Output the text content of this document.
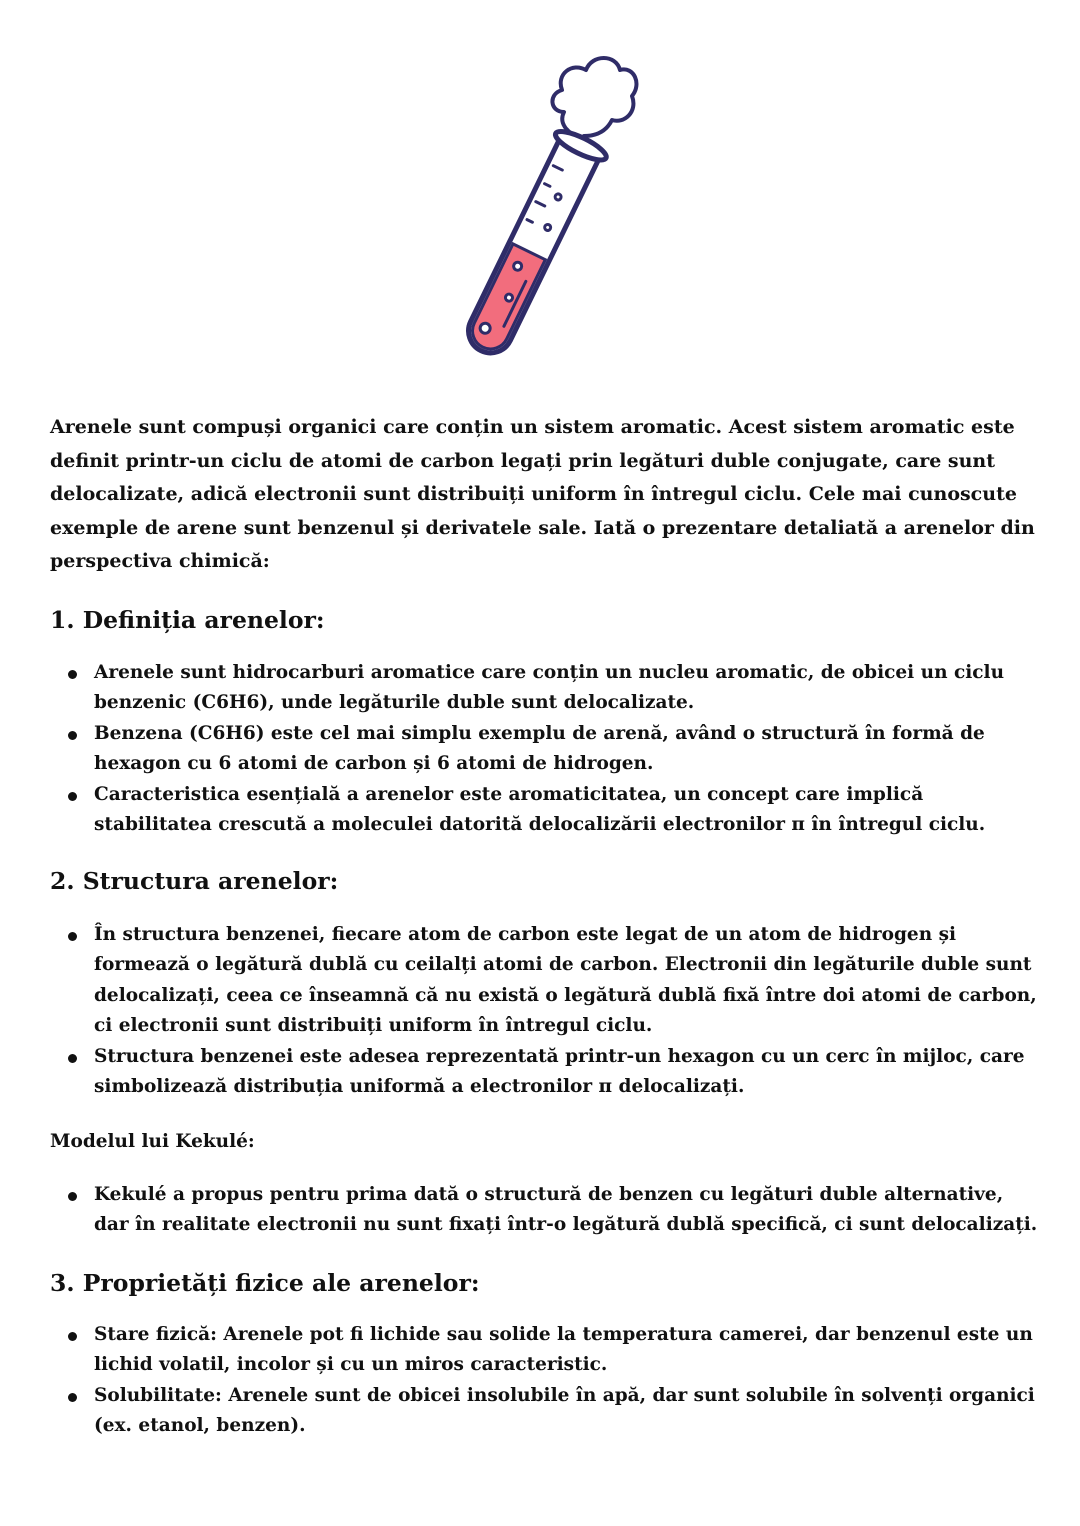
Arenele sunt compuși organici care conțin un sistem aromatic. Acest sistem aromatic este definit printr-un ciclu de atomi de carbon legați prin legături duble conjugate, care sunt delocalizate, adică electronii sunt distribuiți uniform în întregul ciclu. Cele mai cunoscute exemple de arene sunt benzenul și derivatele sale. Iată o prezentare detaliată a arenelor din perspectiva chimică:

1. Definiția arenelor:
Arenele sunt hidrocarburi aromatice care conțin un nucleu aromatic, de obicei un ciclu benzenic (C6H6), unde legăturile duble sunt delocalizate.
Benzena (C6H6) este cel mai simplu exemplu de arenă, având o structură în formă de hexagon cu 6 atomi de carbon și 6 atomi de hidrogen.
Caracteristica esențială a arenelor este aromaticitatea, un concept care implică stabilitatea crescută a moleculei datorită delocalizării electronilor π în întregul ciclu.
2. Structura arenelor:
În structura benzenei, fiecare atom de carbon este legat de un atom de hidrogen și formează o legătură dublă cu ceilalți atomi de carbon. Electronii din legăturile duble sunt delocalizați, ceea ce înseamnă că nu există o legătură dublă fixă între doi atomi de carbon, ci electronii sunt distribuiți uniform în întregul ciclu.
Structura benzenei este adesea reprezentată printr-un hexagon cu un cerc în mijloc, care simbolizează distribuția uniformă a electronilor π delocalizați.

Modelul lui Kekulé:

Kekulé a propus pentru prima dată o structură de benzen cu legături duble alternative, dar în realitate electronii nu sunt fixați într-o legătură dublă specifică, ci sunt delocalizați.
3. Proprietăți fizice ale arenelor:
Stare fizică: Arenele pot fi lichide sau solide la temperatura camerei, dar benzenul este un lichid volatil, incolor și cu un miros caracteristic.
Solubilitate: Arenele sunt de obicei insolubile în apă, dar sunt solubile în solvenți organici (ex. etanol, benzen).
